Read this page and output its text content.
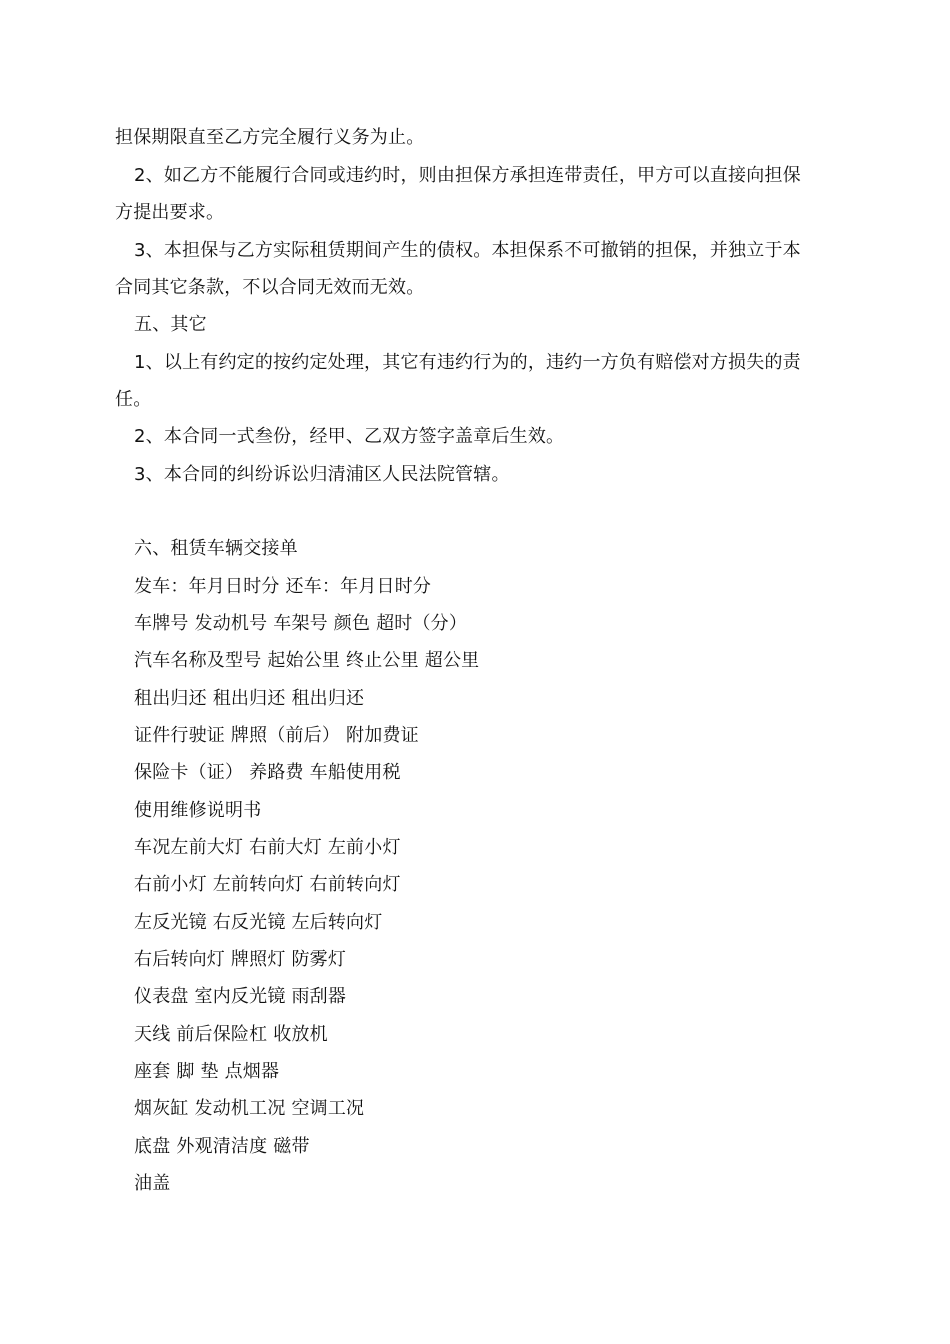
担保期限直至乙方完全履行义务为止。
2、如乙方不能履行合同或违约时，则由担保方承担连带责任，甲方可以直接向担保
方提出要求。
3、本担保与乙方实际租赁期间产生的债权。本担保系不可撤销的担保，并独立于本
合同其它条款，不以合同无效而无效。
五、其它
1、以上有约定的按约定处理，其它有违约行为的，违约一方负有赔偿对方损失的责
任。
2、本合同一式叁份，经甲、乙双方签字盖章后生效。
3、本合同的纠纷诉讼归清浦区人民法院管辖。
六、租赁车辆交接单
发车：年月日时分 还车：年月日时分
车牌号 发动机号 车架号 颜色 超时（分）
汽车名称及型号 起始公里 终止公里 超公里
租出归还 租出归还 租出归还
证件行驶证 牌照（前后） 附加费证
保险卡（证） 养路费 车船使用税
使用维修说明书
车况左前大灯 右前大灯 左前小灯
右前小灯 左前转向灯 右前转向灯
左反光镜 右反光镜 左后转向灯
右后转向灯 牌照灯 防雾灯
仪表盘 室内反光镜 雨刮器
天线 前后保险杠 收放机
座套 脚 垫 点烟器
烟灰缸 发动机工况 空调工况
底盘 外观清洁度 磁带
油盖
